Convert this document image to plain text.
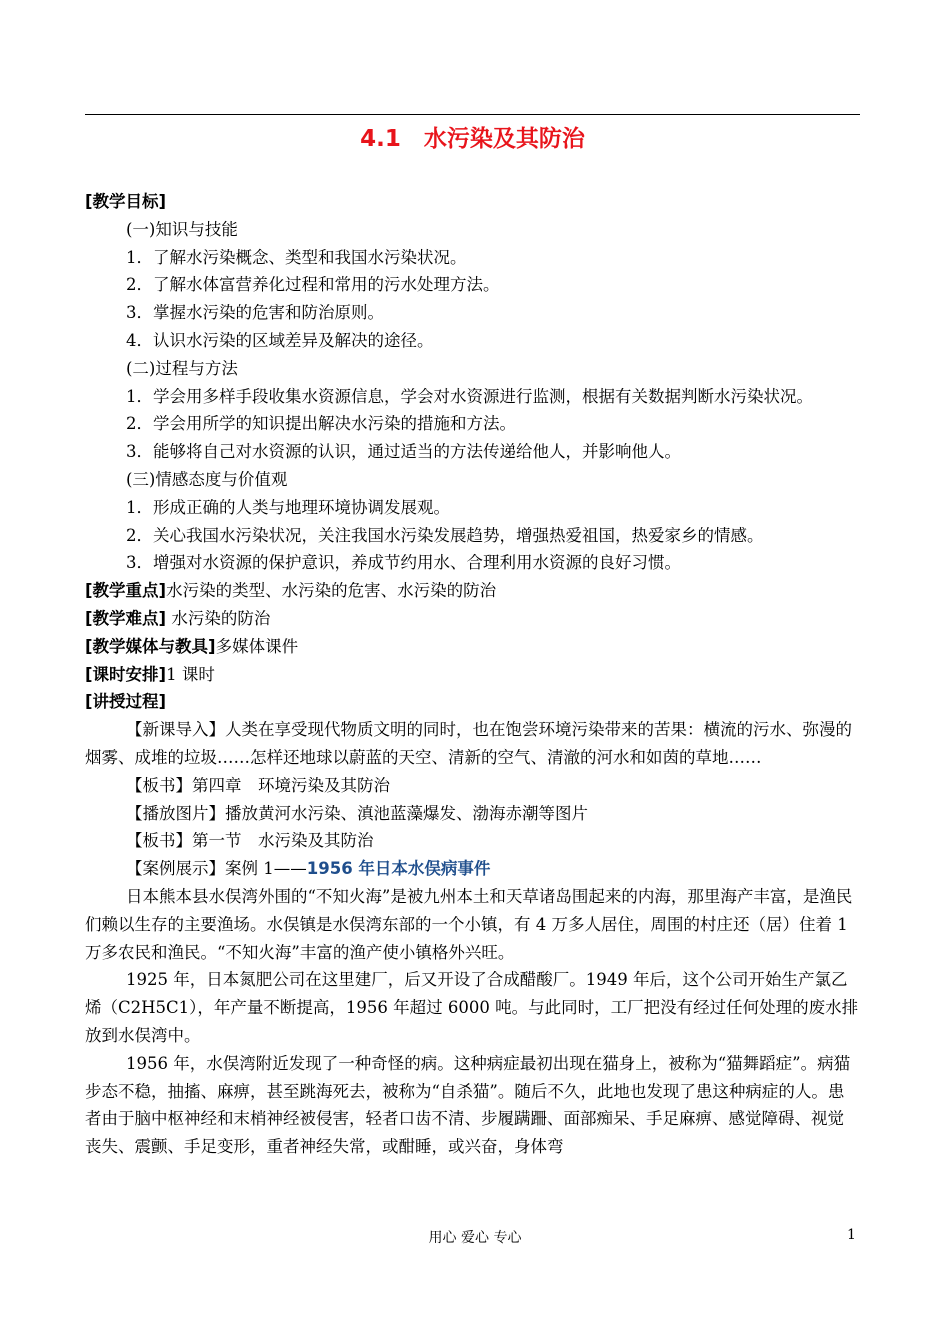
4.1　水污染及其防治

[教学目标]

(一)知识与技能

1．了解水污染概念、类型和我国水污染状况。

2．了解水体富营养化过程和常用的污水处理方法。

3．掌握水污染的危害和防治原则。

4．认识水污染的区域差异及解决的途径。

(二)过程与方法

1．学会用多样手段收集水资源信息，学会对水资源进行监测，根据有关数据判断水污染状况。

2．学会用所学的知识提出解决水污染的措施和方法。

3．能够将自己对水资源的认识，通过适当的方法传递给他人，并影响他人。

(三)情感态度与价值观

1．形成正确的人类与地理环境协调发展观。

2．关心我国水污染状况，关注我国水污染发展趋势，增强热爱祖国，热爱家乡的情感。

3．增强对水资源的保护意识，养成节约用水、合理利用水资源的良好习惯。

[教学重点]水污染的类型、水污染的危害、水污染的防治

[教学难点] 水污染的防治

[教学媒体与教具]多媒体课件

[课时安排]1 课时

[讲授过程]

【新课导入】人类在享受现代物质文明的同时，也在饱尝环境污染带来的苦果：横流的污水、弥漫的烟雾、成堆的垃圾……怎样还地球以蔚蓝的天空、清新的空气、清澈的河水和如茵的草地……

【板书】第四章　环境污染及其防治

【播放图片】播放黄河水污染、滇池蓝藻爆发、渤海赤潮等图片

【板书】第一节　水污染及其防治

【案例展示】案例 1——1956 年日本水俣病事件

日本熊本县水俣湾外围的“不知火海”是被九州本土和天草诸岛围起来的内海，那里海产丰富，是渔民们赖以生存的主要渔场。水俣镇是水俣湾东部的一个小镇，有 4 万多人居住，周围的村庄还（居）住着 1 万多农民和渔民。“不知火海”丰富的渔产使小镇格外兴旺。

1925 年，日本氮肥公司在这里建厂，后又开设了合成醋酸厂。1949 年后，这个公司开始生产氯乙烯（C2H5C1），年产量不断提高，1956 年超过 6000 吨。与此同时，工厂把没有经过任何处理的废水排放到水俣湾中。

1956 年，水俣湾附近发现了一种奇怪的病。这种病症最初出现在猫身上，被称为“猫舞蹈症”。病猫步态不稳，抽搐、麻痹，甚至跳海死去，被称为“自杀猫”。随后不久，此地也发现了患这种病症的人。患者由于脑中枢神经和末梢神经被侵害，轻者口齿不清、步履蹒跚、面部痴呆、手足麻痹、感觉障碍、视觉丧失、震颤、手足变形，重者神经失常，或酣睡，或兴奋，身体弯

用心 爱心 专心	1
